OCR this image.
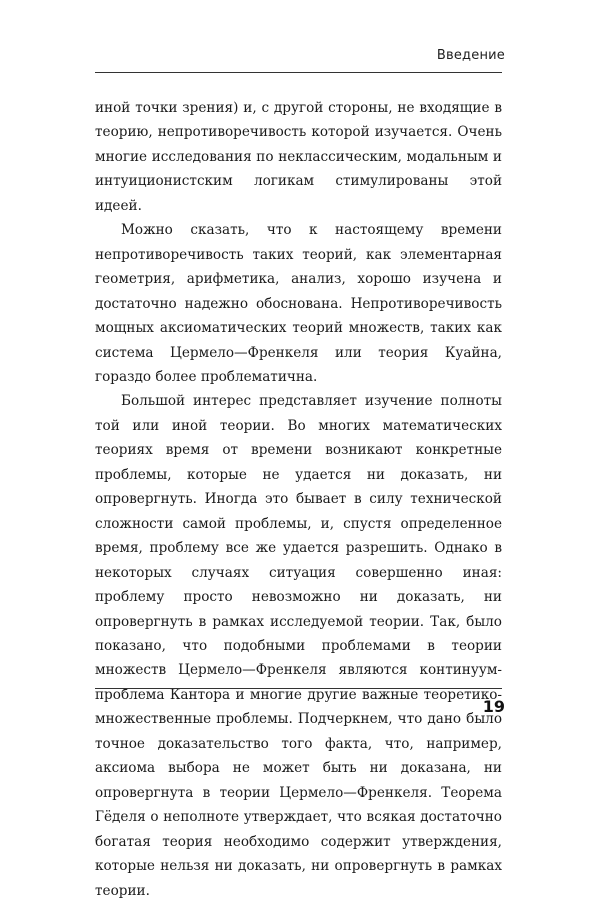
Введение

иной точки зрения) и, с другой стороны, не входящие в теорию, непротиворечивость которой изучается. Очень многие исследования по неклассическим, модальным и интуиционистским логикам стимулированы этой идеей.

Можно сказать, что к настоящему времени непротиворечивость таких теорий, как элементарная геометрия, арифметика, анализ, хорошо изучена и достаточно надежно обоснована. Непротиворечивость мощных аксиоматических теорий множеств, таких как система Цермело—Френкеля или теория Куайна, гораздо более проблематична.

Большой интерес представляет изучение полноты той или иной теории. Во многих математических теориях время от времени возникают конкретные проблемы, которые не удается ни доказать, ни опровергнуть. Иногда это бывает в силу технической сложности самой проблемы, и, спустя определенное время, проблему все же удается разрешить. Однако в некоторых случаях ситуация совершенно иная: проблему просто невозможно ни доказать, ни опровергнуть в рамках исследуемой теории. Так, было показано, что подобными проблемами в теории множеств Цермело—Френкеля являются континуум-проблема Кантора и многие другие важные теоретико-множественные проблемы. Подчеркнем, что дано было точное доказательство того факта, что, например, аксиома выбора не может быть ни доказана, ни опровергнута в теории Цермело—Френкеля. Теорема Гёделя о неполноте утверждает, что всякая достаточно богатая теория необходимо содержит утверждения, которые нельзя ни доказать, ни опровергнуть в рамках теории.

19
